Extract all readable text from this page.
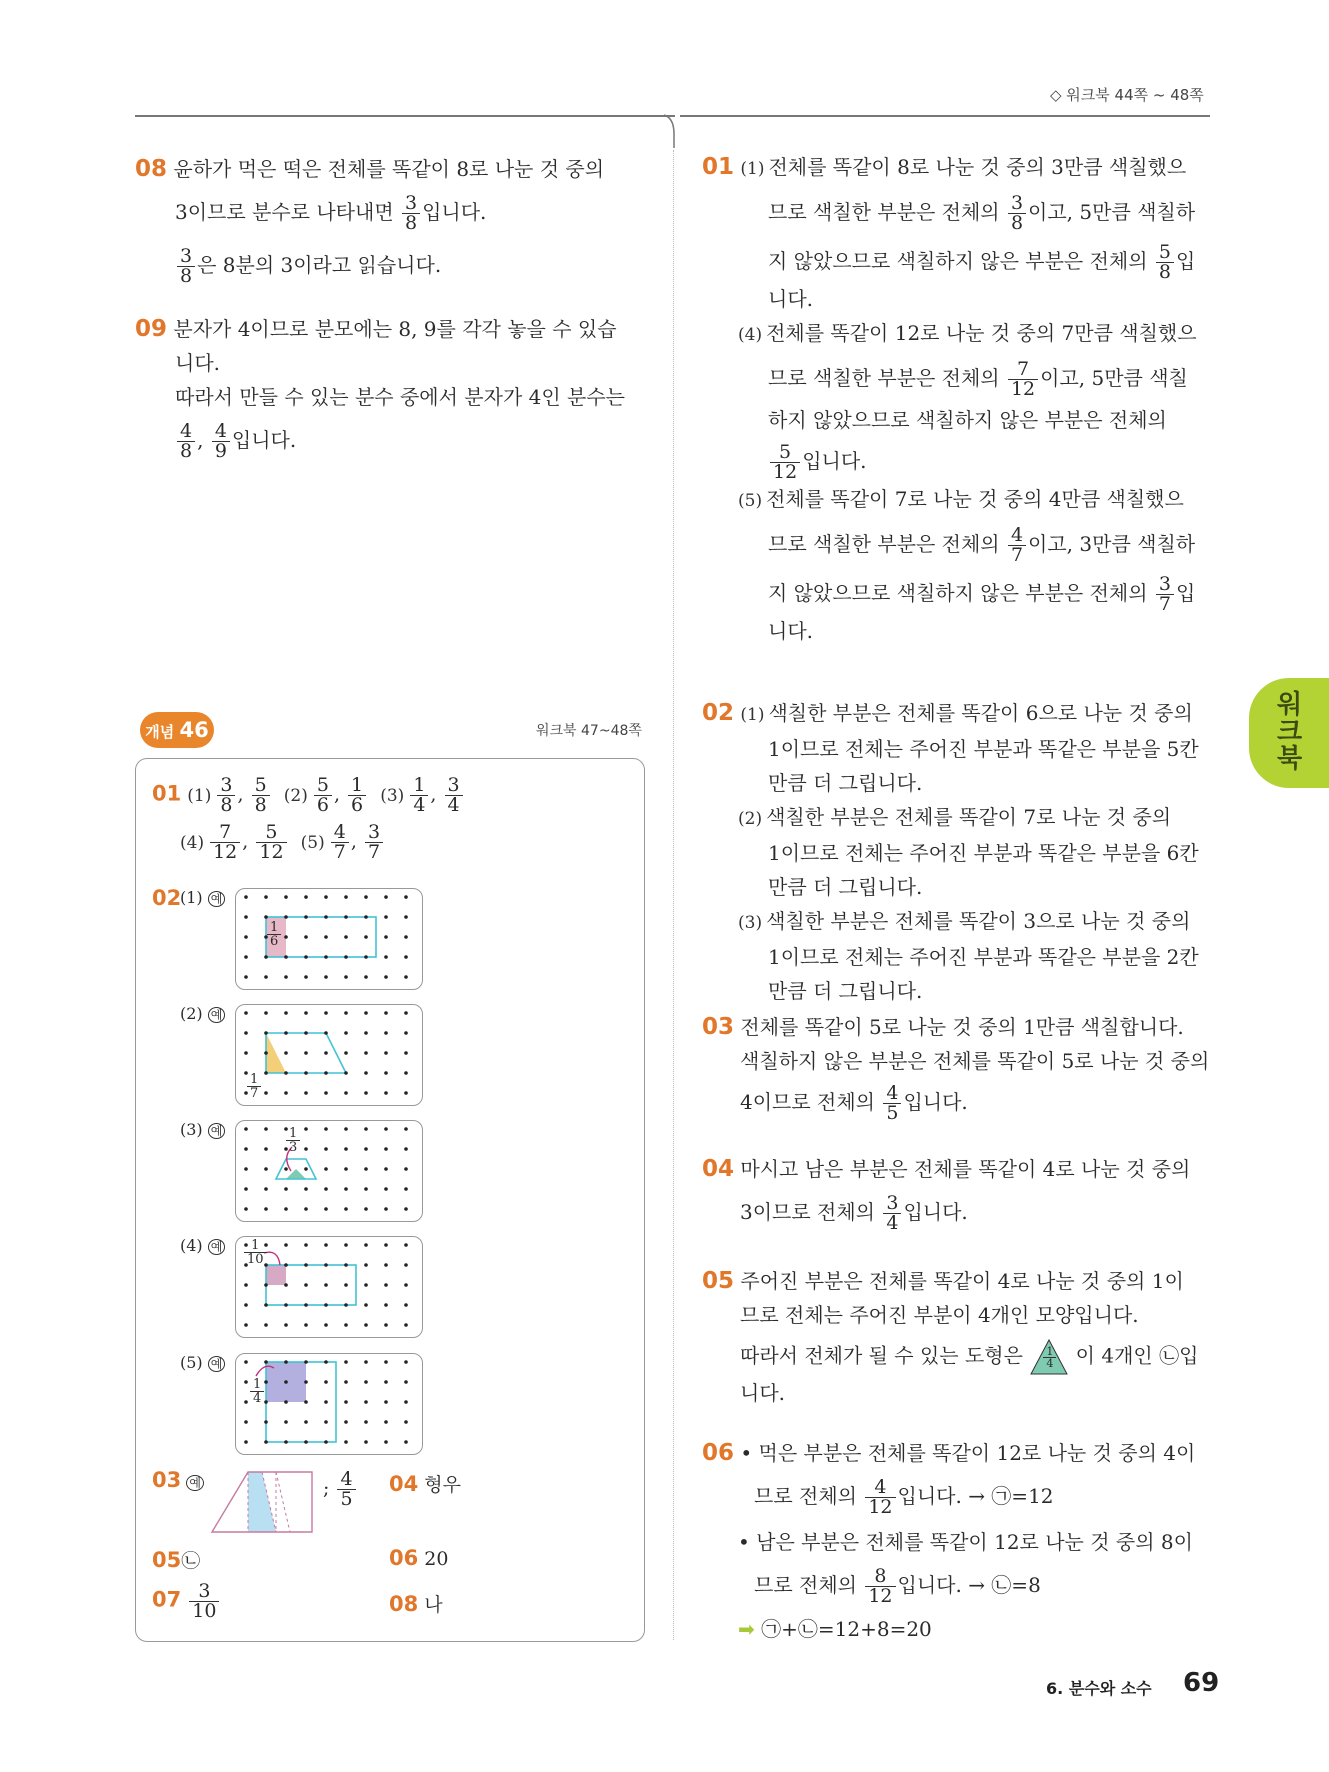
◇ 워크북 44쪽 ~ 48쪽
워
크
북
08 윤하가 먹은 떡은 전체를 똑같이 8로 나눈 것 중의
3이므로 분수로 나타내면 $\frac{3}{8}$ 입니다.
$\frac{3}{8}$ 은 8분의 3이라고 읽습니다.
09 분자가 4이므로 분모에는 8, 9를 각각 놓을 수 있습
니다.
따라서 만들 수 있는 분수 중에서 분자가 4인 분수는
$\frac{4}{8}$ , $\frac{4}{9}$ 입니다.
개념 46	워크북 47~48쪽
01 $(1) \frac{3}{8}$ , $\frac{5}{8} (2) \frac{5}{6}$ , $\frac{1}{6} (3) \frac{1}{4}$ , $\frac{3}{4}$
$(4) \frac{7}{12}$ , $\frac{5}{12} (5) \frac{4}{7}$ , $\frac{3}{7}$
02
(1) 예
(2) 예
(3) 예
(4) 예
(5) 예
$\frac{1}{6}$
$\frac{1}{7}$
$\frac{1}{3}$
$\frac{1}{10}$
$\frac{1}{4}$
03 예	; $\frac{4}{5} 04$ 형우
05㉡	06 20
$07 \frac{3}{10}$	08 나
01 (1) 전체를 똑같이 8로 나눈 것 중의 3만큼 색칠했으
므로 색칠한 부분은 전체의 $\frac{3}{8}$ 이고, 5만큼 색칠하
지 않았으므로 색칠하지 않은 부분은 전체의 $\frac{5}{8}$ 입
니다.
(4) 전체를 똑같이 12로 나눈 것 중의 7만큼 색칠했으
므로 색칠한 부분은 전체의 $\frac{7}{12}$ 이고, 5만큼 색칠
하지 않았으므로 색칠하지 않은 부분은 전체의
$\frac{5}{12}$ 입니다.
(5) 전체를 똑같이 7로 나눈 것 중의 4만큼 색칠했으
므로 색칠한 부분은 전체의 $\frac{4}{7}$ 이고, 3만큼 색칠하
지 않았으므로 색칠하지 않은 부분은 전체의 $\frac{3}{7}$ 입
니다.
02 (1) 색칠한 부분은 전체를 똑같이 6으로 나눈 것 중의
1이므로 전체는 주어진 부분과 똑같은 부분을 5칸
만큼 더 그립니다.
(2) 색칠한 부분은 전체를 똑같이 7로 나눈 것 중의
1이므로 전체는 주어진 부분과 똑같은 부분을 6칸
만큼 더 그립니다.
(3) 색칠한 부분은 전체를 똑같이 3으로 나눈 것 중의
1이므로 전체는 주어진 부분과 똑같은 부분을 2칸
만큼 더 그립니다.
03 전체를 똑같이 5로 나눈 것 중의 1만큼 색칠합니다.
색칠하지 않은 부분은 전체를 똑같이 5로 나눈 것 중의
4이므로 전체의 $\frac{4}{5}$ 입니다.
04 마시고 남은 부분은 전체를 똑같이 4로 나눈 것 중의
3이므로 전체의 $\frac{3}{4}$ 입니다.
05 주어진 부분은 전체를 똑같이 4로 나눈 것 중의 1이
므로 전체는 주어진 부분이 4개인 모양입니다.
따라서 전체가 될 수 있는 도형은 $\frac{1}{4}$ 이 4개인 ㉡입
니다.
06 • 먹은 부분은 전체를 똑같이 12로 나눈 것 중의 4이
므로 전체의 $\frac{4}{12}$ 입니다. → ㉠=12
• 남은 부분은 전체를 똑같이 12로 나눈 것 중의 8이
므로 전체의 $\frac{8}{12}$ 입니다. → ㉡=8
➡ ㉠+㉡=12+8=20
6. 분수와 소수 69
